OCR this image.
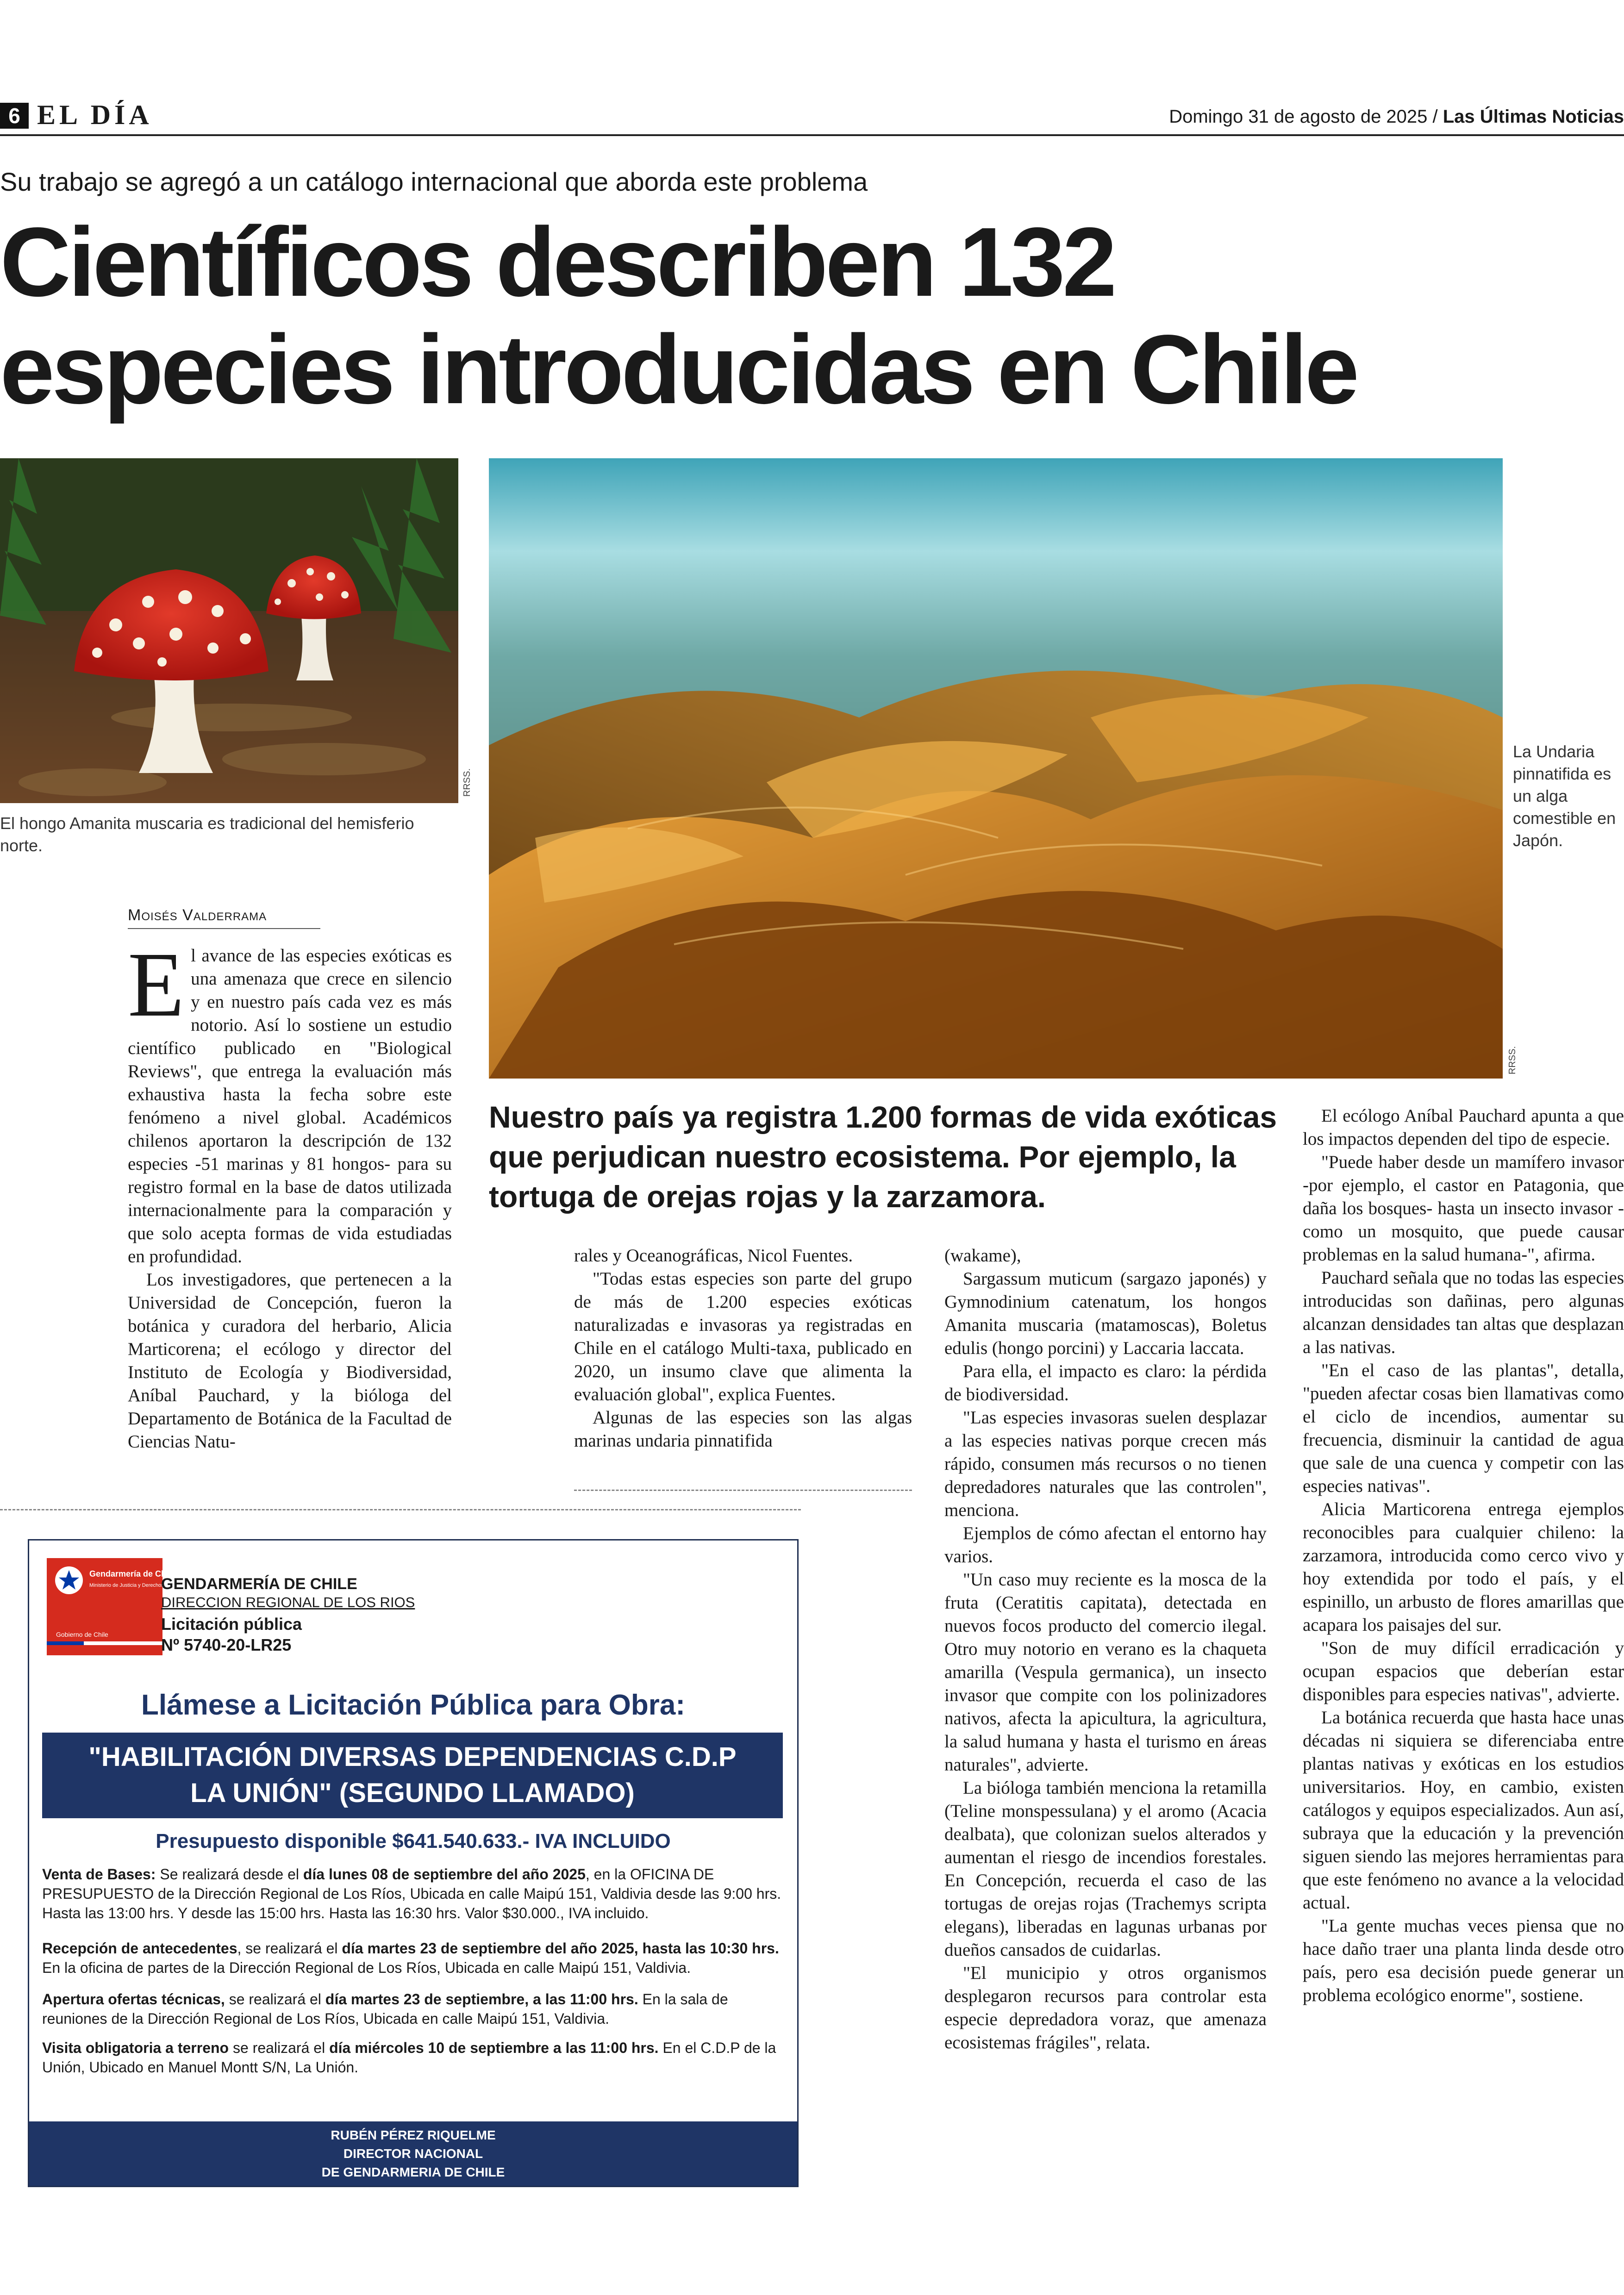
6 EL DÍA	Domingo 31 de agosto de 2025 / Las Últimas Noticias
Su trabajo se agregó a un catálogo internacional que aborda este problema
Científicos describen 132 especies introducidas en Chile
RRSS.
El hongo Amanita muscaria es tradicional del hemisferio norte.
RRSS.
La Undaria pinnatifida es un alga comestible en Japón.
Moisés Valderrama
Nuestro país ya registra 1.200 formas de vida exóticas que perjudican nuestro ecosistema. Por ejemplo, la tortuga de orejas rojas y la zarzamora.

El avance de las especies exóticas es una amenaza que crece en silencio y en nuestro país cada vez es más notorio. Así lo sostiene un estudio científico publicado en "Biological Reviews", que entrega la evaluación más exhaustiva hasta la fecha sobre este fenómeno a nivel global. Académicos chilenos aportaron la descripción de 132 especies -51 marinas y 81 hongos- para su registro formal en la base de datos utilizada internacionalmente para la comparación y que solo acepta formas de vida estudiadas en profundidad.

Los investigadores, que pertenecen a la Universidad de Concepción, fueron la botánica y curadora del herbario, Alicia Marticorena; el ecólogo y director del Instituto de Ecología y Biodiversidad, Aníbal Pauchard, y la bióloga del Departamento de Botánica de la Facultad de Ciencias Natu-

rales y Oceanográficas, Nicol Fuentes.

"Todas estas especies son parte del grupo de más de 1.200 especies exóticas naturalizadas e invasoras ya registradas en Chile en el catálogo Multi-taxa, publicado en 2020, un insumo clave que alimenta la evaluación global", explica Fuentes.

Algunas de las especies son las algas marinas undaria pinnatifida

(wakame),

Sargassum muticum (sargazo japonés) y Gymnodinium catenatum, los hongos Amanita muscaria (matamoscas), Boletus edulis (hongo porcini) y Laccaria laccata.

Para ella, el impacto es claro: la pérdida de biodiversidad.

"Las especies invasoras suelen desplazar a las especies nativas porque crecen más rápido, consumen más recursos o no tienen depredadores naturales que las controlen", menciona.

Ejemplos de cómo afectan el entorno hay varios.

"Un caso muy reciente es la mosca de la fruta (Ceratitis capitata), detectada en nuevos focos producto del comercio ilegal. Otro muy notorio en verano es la chaqueta amarilla (Vespula germanica), un insecto invasor que compite con los polinizadores nativos, afecta la apicultura, la agricultura, la salud humana y hasta el turismo en áreas naturales", advierte.

La bióloga también menciona la retamilla (Teline monspessulana) y el aromo (Acacia dealbata), que colonizan suelos alterados y aumentan el riesgo de incendios forestales. En Concepción, recuerda el caso de las tortugas de orejas rojas (Trachemys scripta elegans), liberadas en lagunas urbanas por dueños cansados de cuidarlas.

"El municipio y otros organismos desplegaron recursos para controlar esta especie depredadora voraz, que amenaza ecosistemas frágiles", relata.

El ecólogo Aníbal Pauchard apunta a que los impactos dependen del tipo de especie.

"Puede haber desde un mamífero invasor -por ejemplo, el castor en Patagonia, que daña los bosques- hasta un insecto invasor -como un mosquito, que puede causar problemas en la salud humana-", afirma.

Pauchard señala que no todas las especies introducidas son dañinas, pero algunas alcanzan densidades tan altas que desplazan a las nativas.

"En el caso de las plantas", detalla, "pueden afectar cosas bien llamativas como el ciclo de incendios, aumentar su frecuencia, disminuir la cantidad de agua que sale de una cuenca y competir con las especies nativas".

Alicia Marticorena entrega ejemplos reconocibles para cualquier chileno: la zarzamora, introducida como cerco vivo y hoy extendida por todo el país, y el espinillo, un arbusto de flores amarillas que acapara los paisajes del sur.

"Son de muy difícil erradicación y ocupan espacios que deberían estar disponibles para especies nativas", advierte.

La botánica recuerda que hasta hace unas décadas ni siquiera se diferenciaba entre plantas nativas y exóticas en los estudios universitarios. Hoy, en cambio, existen catálogos y equipos especializados. Aun así, subraya que la educación y la prevención siguen siendo las mejores herramientas para que este fenómeno no avance a la velocidad actual.

"La gente muchas veces piensa que no hace daño traer una planta linda desde otro país, pero esa decisión puede generar un problema ecológico enorme", sostiene.

Gendarmería de Chile
Ministerio de Justicia y Derechos Humanos
Gobierno de Chile
GENDARMERÍA DE CHILE
DIRECCION REGIONAL DE LOS RIOS
Licitación pública
Nº 5740-20-LR25
Llámese a Licitación Pública para Obra:
"HABILITACIÓN DIVERSAS DEPENDENCIAS C.D.P
LA UNIÓN" (SEGUNDO LLAMADO)
Presupuesto disponible $641.540.633.- IVA INCLUIDO

Venta de Bases: Se realizará desde el día lunes 08 de septiembre del año 2025, en la OFICINA DE PRESUPUESTO de la Dirección Regional de Los Ríos, Ubicada en calle Maipú 151, Valdivia desde las 9:00 hrs. Hasta las 13:00 hrs. Y desde las 15:00 hrs. Hasta las 16:30 hrs. Valor $30.000., IVA incluido.

Recepción de antecedentes, se realizará el día martes 23 de septiembre del año 2025, hasta las 10:30 hrs. En la oficina de partes de la Dirección Regional de Los Ríos, Ubicada en calle Maipú 151, Valdivia.

Apertura ofertas técnicas, se realizará el día martes 23 de septiembre, a las 11:00 hrs. En la sala de reuniones de la Dirección Regional de Los Ríos, Ubicada en calle Maipú 151, Valdivia.

Visita obligatoria a terreno se realizará el día miércoles 10 de septiembre a las 11:00 hrs. En el C.D.P de la Unión, Ubicado en Manuel Montt S/N, La Unión.

RUBÉN PÉREZ RIQUELME
DIRECTOR NACIONAL
DE GENDARMERIA DE CHILE
